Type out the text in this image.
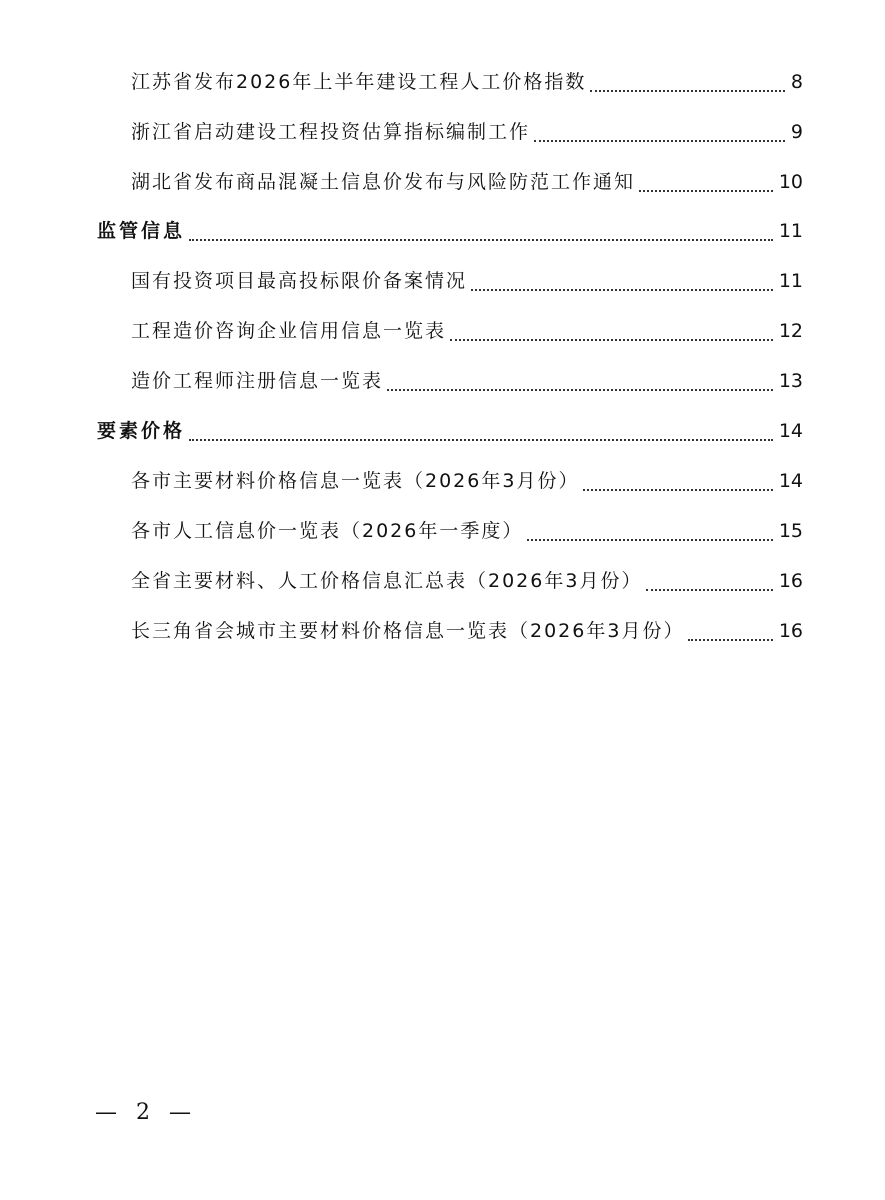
江苏省发布2026年上半年建设工程人工价格指数	8
浙江省启动建设工程投资估算指标编制工作	9
湖北省发布商品混凝土信息价发布与风险防范工作通知	10
监管信息	11
国有投资项目最高投标限价备案情况	11
工程造价咨询企业信用信息一览表	12
造价工程师注册信息一览表	13
要素价格	14
各市主要材料价格信息一览表（2026年3月份）	14
各市人工信息价一览表（2026年一季度）	15
全省主要材料、人工价格信息汇总表（2026年3月份）	16
长三角省会城市主要材料价格信息一览表（2026年3月份）	16
— 2 —
